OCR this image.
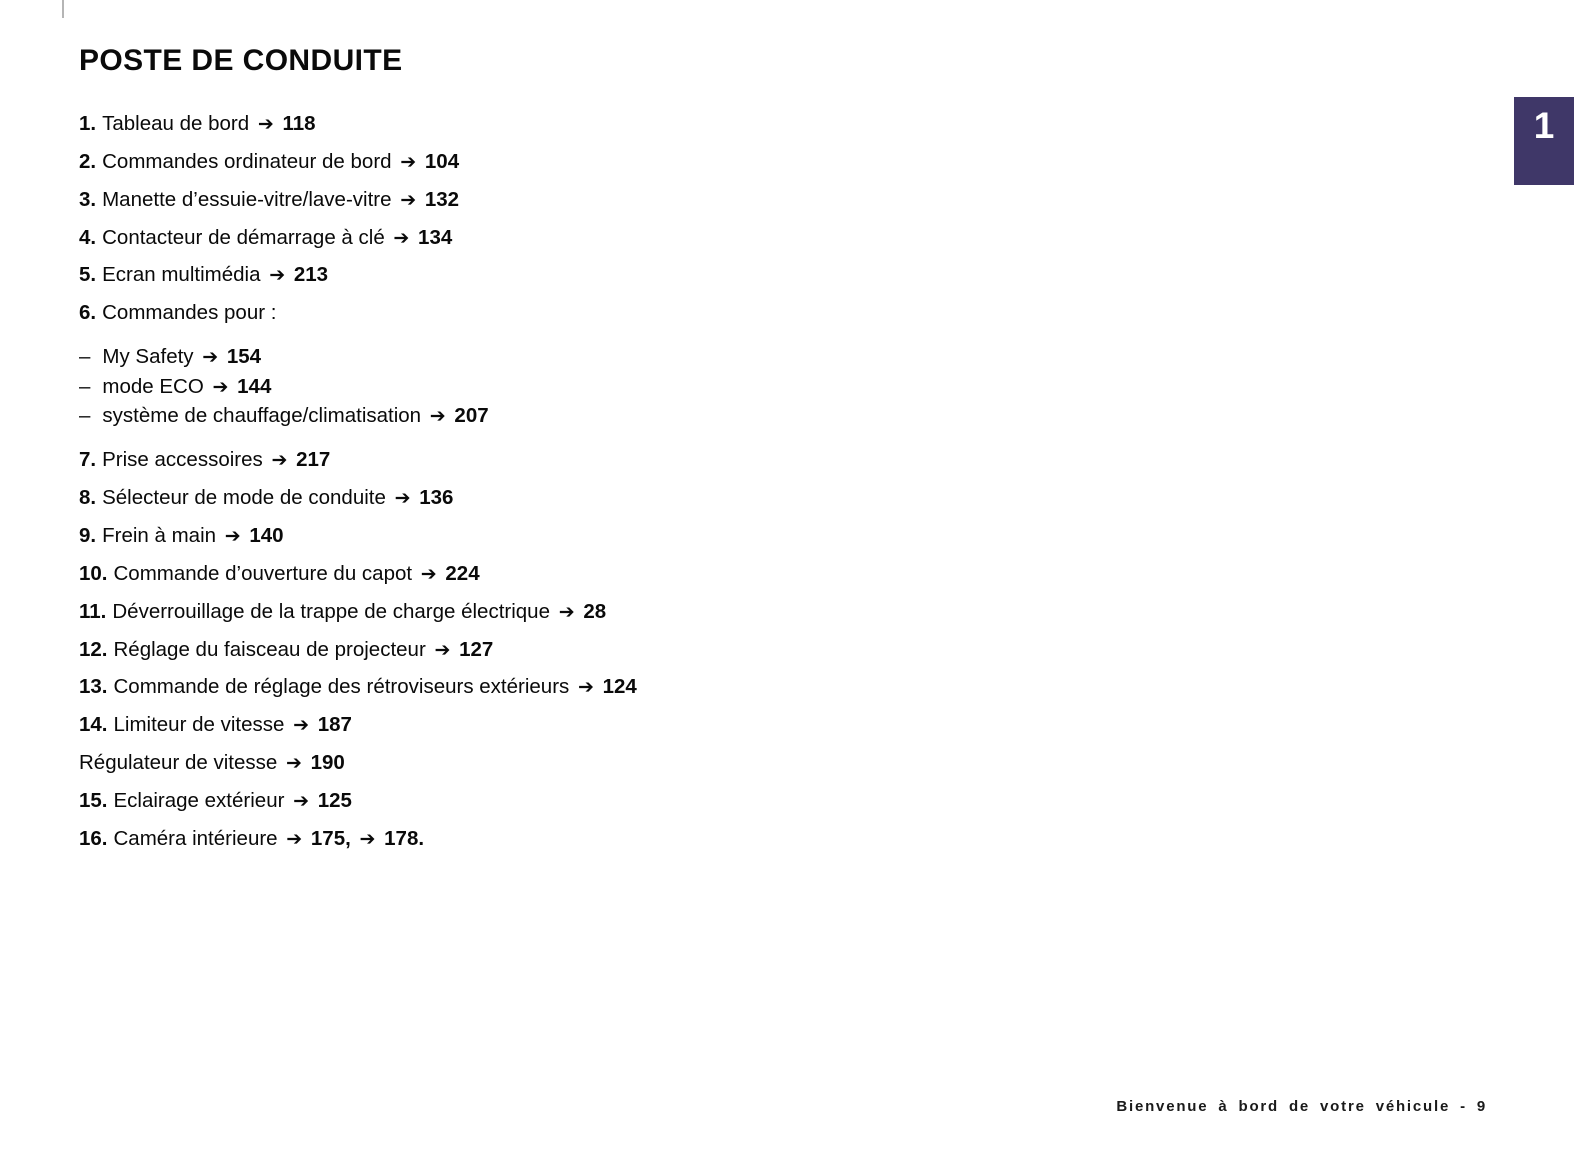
POSTE DE CONDUITE
1. Tableau de bord ➔ 118
2. Commandes ordinateur de bord ➔ 104
3. Manette d’essuie-vitre/lave-vitre ➔ 132
4. Contacteur de démarrage à clé ➔ 134
5. Ecran multimédia ➔ 213
6. Commandes pour :
– My Safety ➔ 154
– mode ECO ➔ 144
– système de chauffage/climatisation ➔ 207
7. Prise accessoires ➔ 217
8. Sélecteur de mode de conduite ➔ 136
9. Frein à main ➔ 140
10. Commande d’ouverture du capot ➔ 224
11. Déverrouillage de la trappe de charge électrique ➔ 28
12. Réglage du faisceau de projecteur ➔ 127
13. Commande de réglage des rétroviseurs extérieurs ➔ 124
14. Limiteur de vitesse ➔ 187
Régulateur de vitesse ➔ 190
15. Eclairage extérieur ➔ 125
16. Caméra intérieure ➔ 175, ➔ 178.
1
Bienvenue à bord de votre véhicule - 9
